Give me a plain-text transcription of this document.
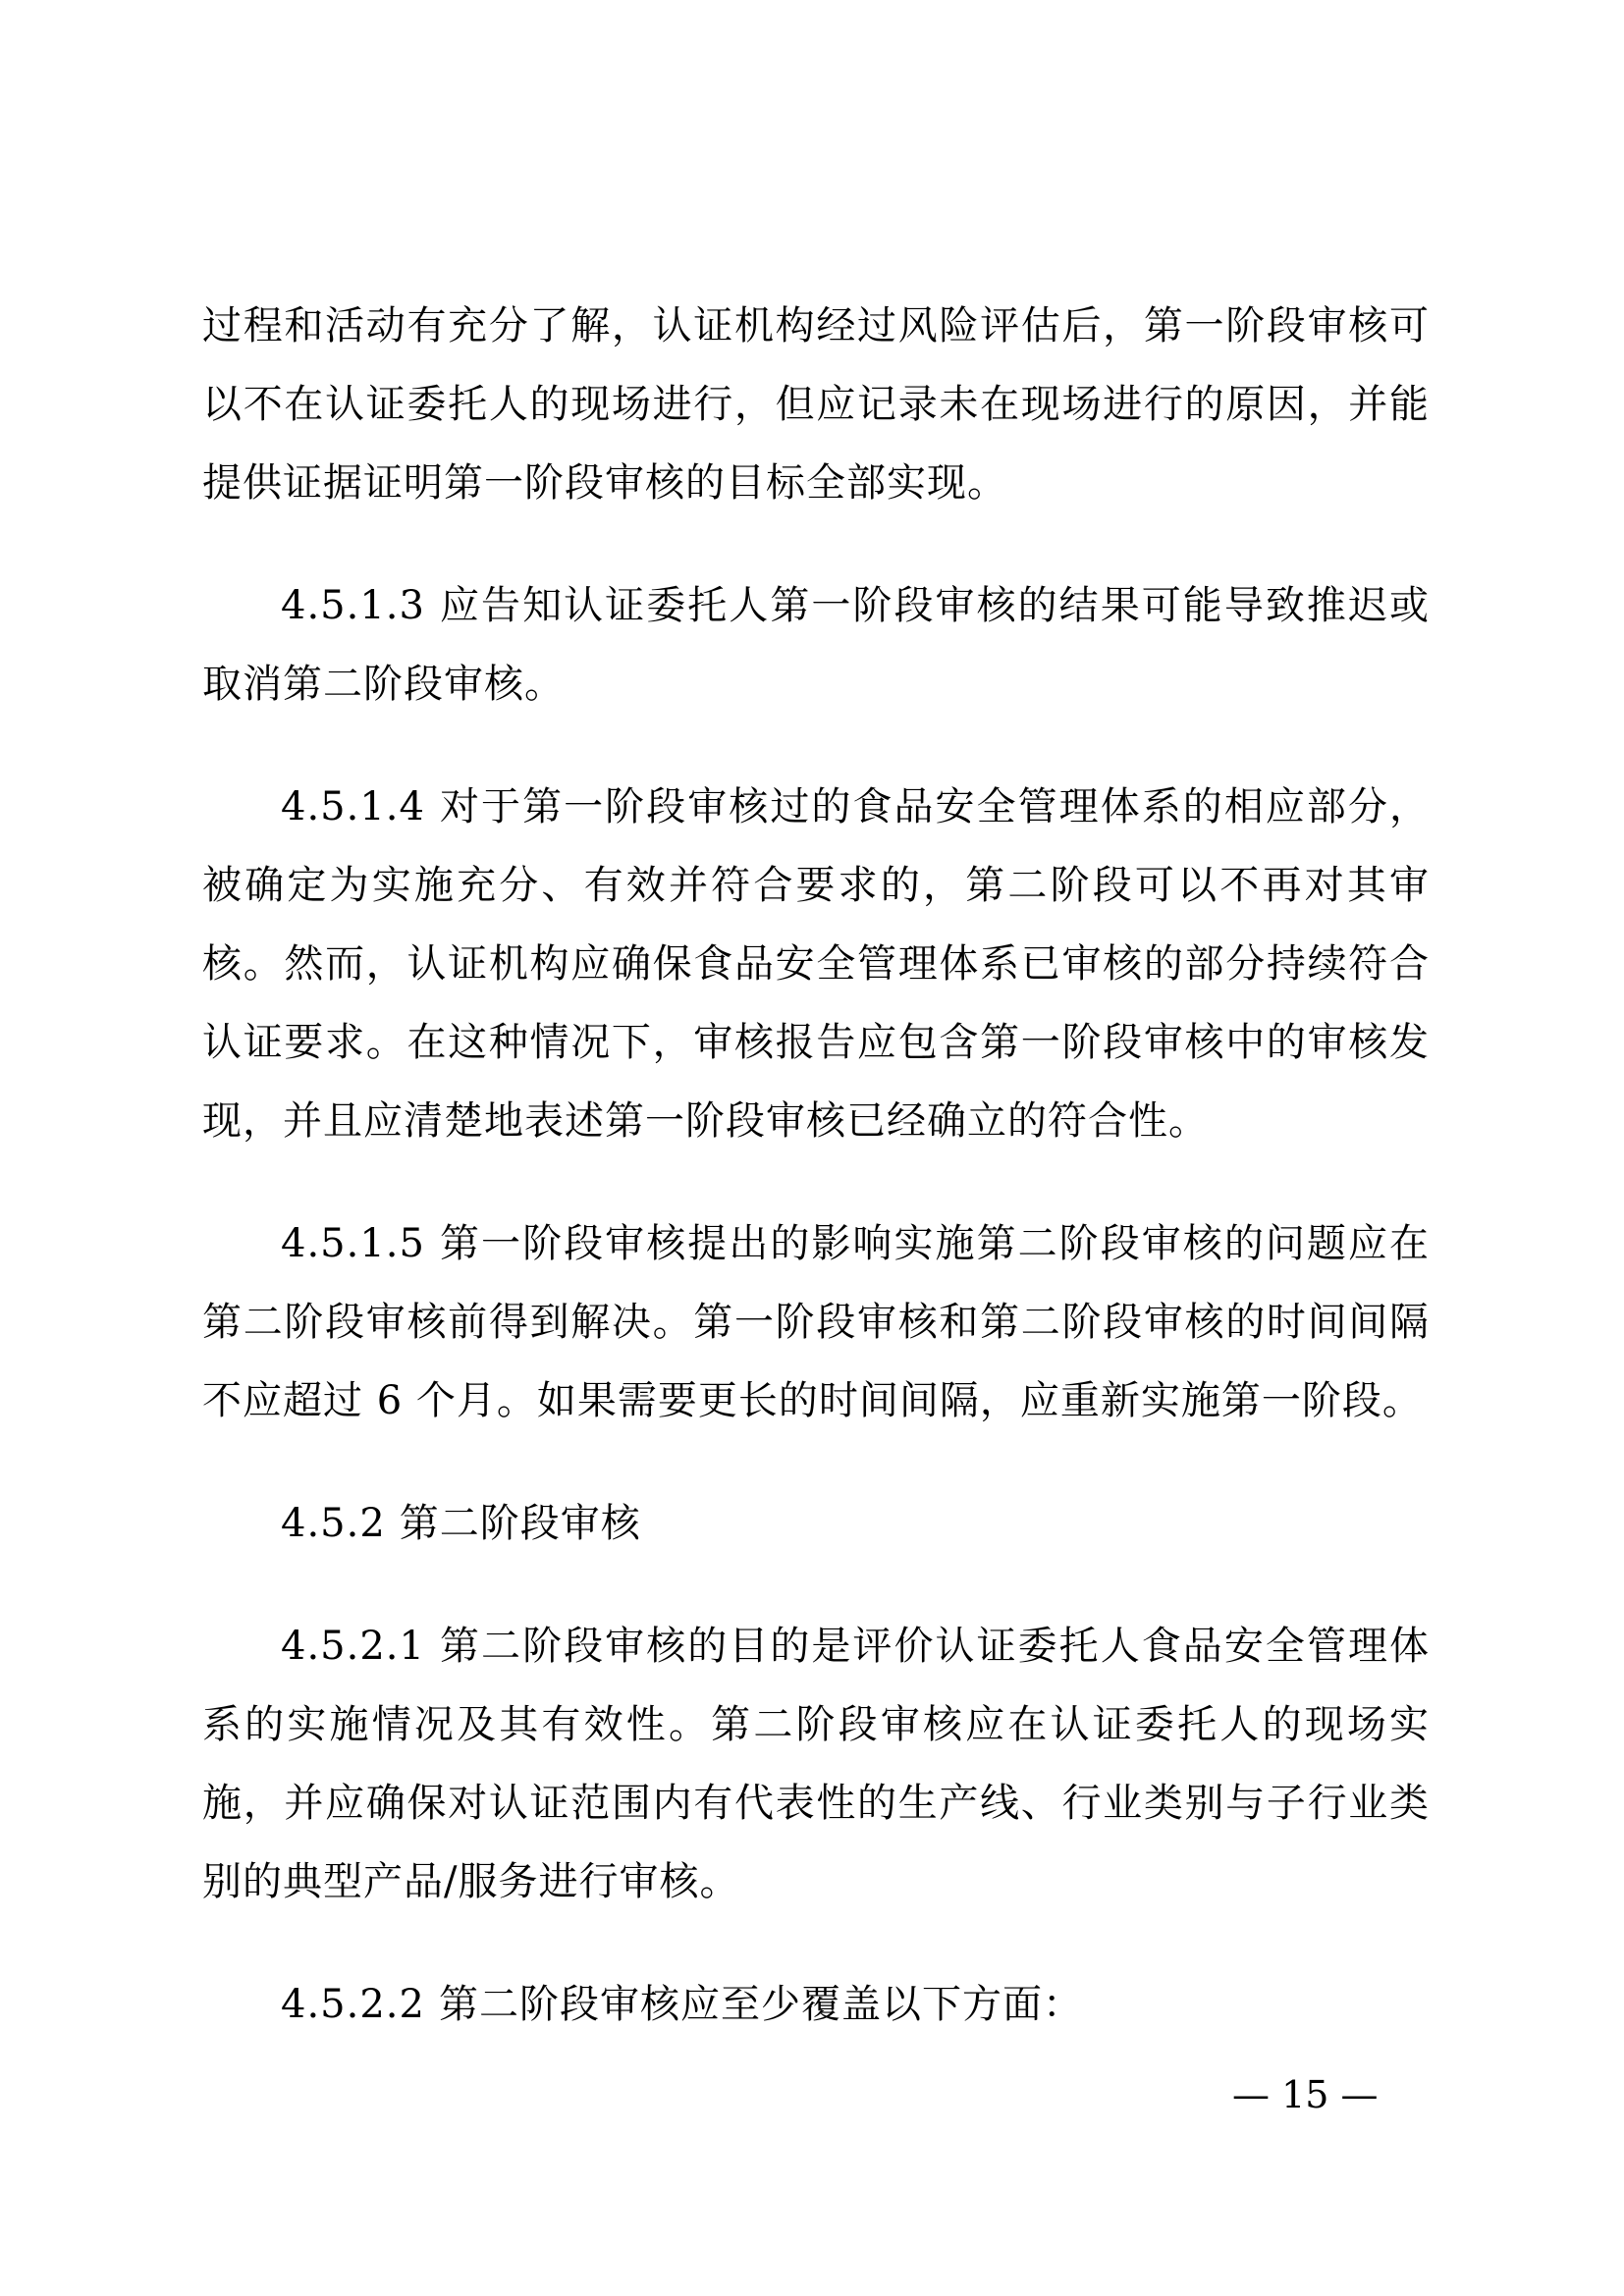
过程和活动有充分了解，认证机构经过风险评估后，第一阶段审核可以不在认证委托人的现场进行，但应记录未在现场进行的原因，并能提供证据证明第一阶段审核的目标全部实现。

4.5.1.3 应告知认证委托人第一阶段审核的结果可能导致推迟或取消第二阶段审核。

4.5.1.4 对于第一阶段审核过的食品安全管理体系的相应部分，被确定为实施充分、有效并符合要求的，第二阶段可以不再对其审核。然而，认证机构应确保食品安全管理体系已审核的部分持续符合认证要求。在这种情况下，审核报告应包含第一阶段审核中的审核发现，并且应清楚地表述第一阶段审核已经确立的符合性。

4.5.1.5 第一阶段审核提出的影响实施第二阶段审核的问题应在第二阶段审核前得到解决。第一阶段审核和第二阶段审核的时间间隔不应超过 6 个月。如果需要更长的时间间隔，应重新实施第一阶段。

4.5.2 第二阶段审核

4.5.2.1 第二阶段审核的目的是评价认证委托人食品安全管理体系的实施情况及其有效性。第二阶段审核应在认证委托人的现场实施，并应确保对认证范围内有代表性的生产线、行业类别与子行业类别的典型产品/服务进行审核。

4.5.2.2 第二阶段审核应至少覆盖以下方面：

— 15 —
